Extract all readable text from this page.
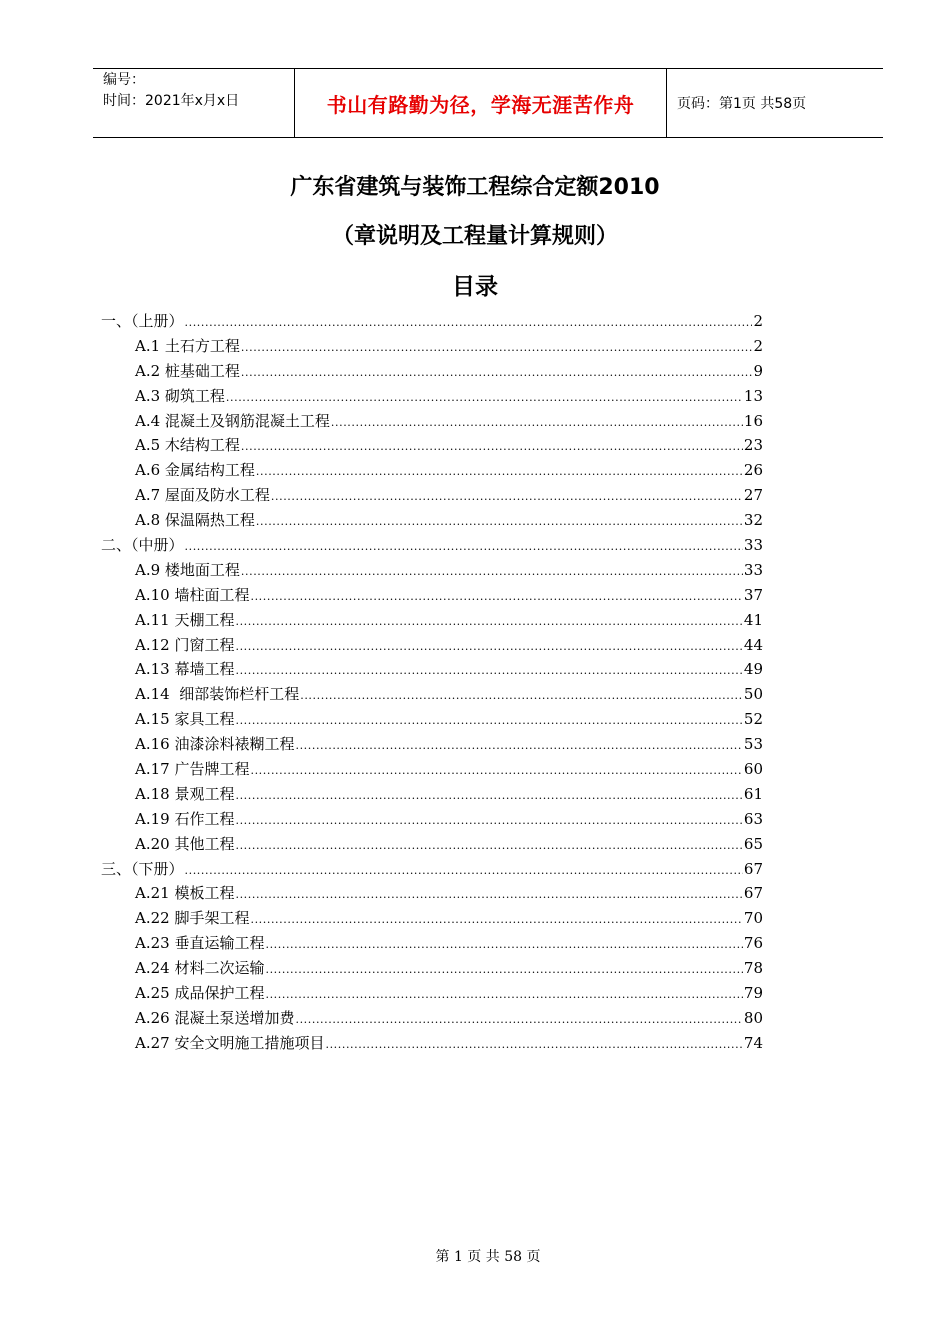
编号：
时间：2021年x月x日	书山有路勤为径，学海无涯苦作舟	页码：第1页 共58页
广东省建筑与装饰工程综合定额2010
（章说明及工程量计算规则）
目录
一、（上册） .....	2
A.1 土石方工程 .....	2
A.2 桩基础工程 .....	9
A.3 砌筑工程 .....	13
A.4 混凝土及钢筋混凝土工程 .....	16
A.5 木结构工程 .....	23
A.6 金属结构工程 .....	26
A.7 屋面及防水工程 .....	27
A.8 保温隔热工程 .....	32
二、（中册） .....	33
A.9 楼地面工程 .....	33
A.10 墙柱面工程 .....	37
A.11 天棚工程 .....	41
A.12 门窗工程 .....	44
A.13 幕墙工程 .....	49
A.14  细部装饰栏杆工程 .....	50
A.15 家具工程 .....	52
A.16 油漆涂料裱糊工程 .....	53
A.17 广告牌工程 .....	60
A.18 景观工程 .....	61
A.19 石作工程 .....	63
A.20 其他工程 .....	65
三、（下册） .....	67
A.21 模板工程 .....	67
A.22 脚手架工程 .....	70
A.23 垂直运输工程 .....	76
A.24 材料二次运输 .....	78
A.25 成品保护工程 .....	79
A.26 混凝土泵送增加费 .....	80
A.27 安全文明施工措施项目 .....	74
第 1 页 共 58 页
